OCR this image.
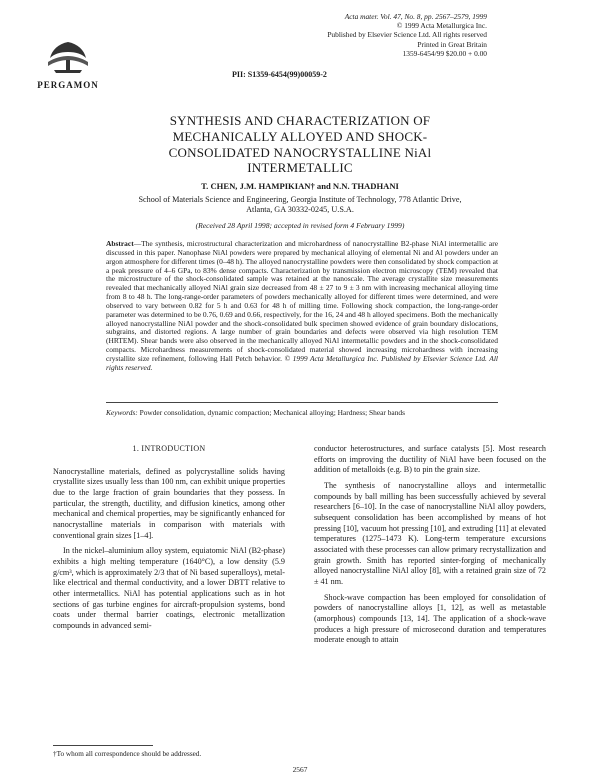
PERGAMON
PII: S1359-6454(99)00059-2
Acta mater. Vol. 47, No. 8, pp. 2567–2579, 1999
© 1999 Acta Metallurgica Inc.
Published by Elsevier Science Ltd. All rights reserved
Printed in Great Britain
1359-6454/99 $20.00 + 0.00
SYNTHESIS AND CHARACTERIZATION OF
MECHANICALLY ALLOYED AND SHOCK-
CONSOLIDATED NANOCRYSTALLINE NiAl
INTERMETALLIC
T. CHEN, J.M. HAMPIKIAN† and N.N. THADHANI
School of Materials Science and Engineering, Georgia Institute of Technology, 778 Atlantic Drive,
Atlanta, GA 30332-0245, U.S.A.
(Received 28 April 1998; accepted in revised form 4 February 1999)
Abstract—The synthesis, microstructural characterization and microhardness of nanocrystalline B2-phase NiAl intermetallic are discussed in this paper. Nanophase NiAl powders were prepared by mechanical alloying of elemental Ni and Al powders under an argon atmosphere for different times (0–48 h). The alloyed nanocrystalline powders were then consolidated by shock compaction at a peak pressure of 4–6 GPa, to 83% dense compacts. Characterization by transmission electron microscopy (TEM) revealed that the microstructure of the shock-consolidated sample was retained at the nanoscale. The average crystallite size measurements revealed that mechanically alloyed NiAl grain size decreased from 48 ± 27 to 9 ± 3 nm with increasing mechanical alloying time from 8 to 48 h. The long-range-order parameters of powders mechanically alloyed for different times were determined, and were observed to vary between 0.82 for 5 h and 0.63 for 48 h of milling time. Following shock compaction, the long-range-order parameter was determined to be 0.76, 0.69 and 0.66, respectively, for the 16, 24 and 48 h alloyed specimens. Both the mechanically alloyed nanocrystalline NiAl powder and the shock-consolidated bulk specimen showed evidence of grain boundary dislocations, subgrains, and distorted regions. A large number of grain boundaries and defects were observed via high resolution TEM (HRTEM). Shear bands were also observed in the mechanically alloyed NiAl intermetallic powders and in the shock-consolidated compacts. Microhardness measurements of shock-consolidated material showed increasing microhardness with increasing crystallite size refinement, following Hall Petch behavior. © 1999 Acta Metallurgica Inc. Published by Elsevier Science Ltd. All rights reserved.
Keywords: Powder consolidation, dynamic compaction; Mechanical alloying; Hardness; Shear bands
1. INTRODUCTION

Nanocrystalline materials, defined as polycrystalline solids having crystallite sizes usually less than 100 nm, can exhibit unique properties due to the large fraction of grain boundaries that they possess. In particular, the strength, ductility, and diffusion kinetics, among other mechanical and chemical properties, may be significantly enhanced for nanocrystalline materials in comparison with materials with conventional grain sizes [1–4].

In the nickel–aluminium alloy system, equiatomic NiAl (B2-phase) exhibits a high melting temperature (1640°C), a low density (5.9 g/cm³, which is approximately 2/3 that of Ni based superalloys), metal-like electrical and thermal conductivity, and a lower DBTT relative to other intermetallics. NiAl has potential applications such as in hot sections of gas turbine engines for aircraft-propulsion systems, bond coats under thermal barrier coatings, electronic metallization compounds in advanced semi-

conductor heterostructures, and surface catalysts [5]. Most research efforts on improving the ductility of NiAl have been focused on the addition of metalloids (e.g. B) to pin the grain size.

The synthesis of nanocrystalline alloys and intermetallic compounds by ball milling has been successfully achieved by several researchers [6–10]. In the case of nanocrystalline NiAl alloy powders, subsequent consolidation has been accomplished by means of hot pressing [10], vacuum hot pressing [10], and extruding [11] at elevated temperatures (1275–1473 K). Long-term temperature excursions associated with these processes can allow primary recrystallization and grain growth. Smith has reported sinter-forging of mechanically alloyed nanocrystalline NiAl alloy [8], with a retained grain size of 72 ± 41 nm.

Shock-wave compaction has been employed for consolidation of powders of nanocrystalline alloys [1, 12], as well as metastable (amorphous) compounds [13, 14]. The application of a shock-wave produces a high pressure of microsecond duration and temperatures moderate enough to attain

†To whom all correspondence should be addressed.
2567
